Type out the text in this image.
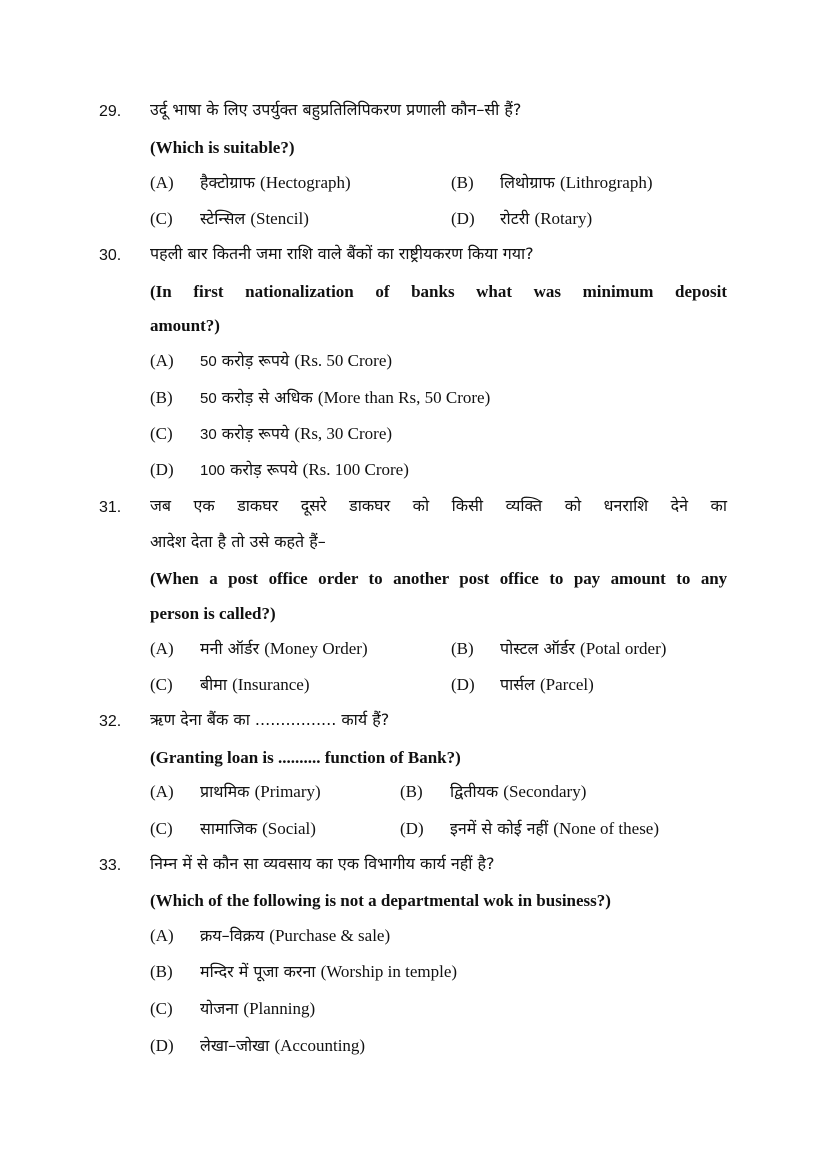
29. उर्दू भाषा के लिए उपर्युक्त बहुप्रतिलिपिकरण प्रणाली कौन–सी हैं?
(Which is suitable?)
(A) हैक्टोग्राफ (Hectograph)	(B) लिथोग्राफ (Lithrograph)
(C) स्टेन्सिल (Stencil)	(D) रोटरी (Rotary)
30. पहली बार कितनी जमा राशि वाले बैंकों का राष्ट्रीयकरण किया गया?
(In first nationalization of banks what was minimum deposit
amount?)
(A) 50 करोड़ रूपये (Rs. 50 Crore)
(B) 50 करोड़ से अधिक (More than Rs, 50 Crore)
(C) 30 करोड़ रूपये (Rs, 30 Crore)
(D) 100 करोड़ रूपये (Rs. 100 Crore)
31. जब एक डाकघर दूसरे डाकघर को किसी व्यक्ति को धनराशि देने का
आदेश देता है तो उसे कहते हैं–
(When a post office order to another post office to pay amount to any
person is called?)
(A) मनी ऑर्डर (Money Order)	(B) पोस्टल ऑर्डर (Potal order)
(C) बीमा (Insurance)	(D) पार्सल (Parcel)
32. ऋण देना बैंक का ................ कार्य हैं?
(Granting loan is .......... function of Bank?)
(A) प्राथमिक (Primary)	(B) द्वितीयक (Secondary)
(C) सामाजिक (Social)	(D) इनमें से कोई नहीं (None of these)
33. निम्न में से कौन सा व्यवसाय का एक विभागीय कार्य नहीं है?
(Which of the following is not a departmental wok in business?)
(A) क्रय–विक्रय (Purchase & sale)
(B) मन्दिर में पूजा करना (Worship in temple)
(C) योजना (Planning)
(D) लेखा–जोखा (Accounting)
